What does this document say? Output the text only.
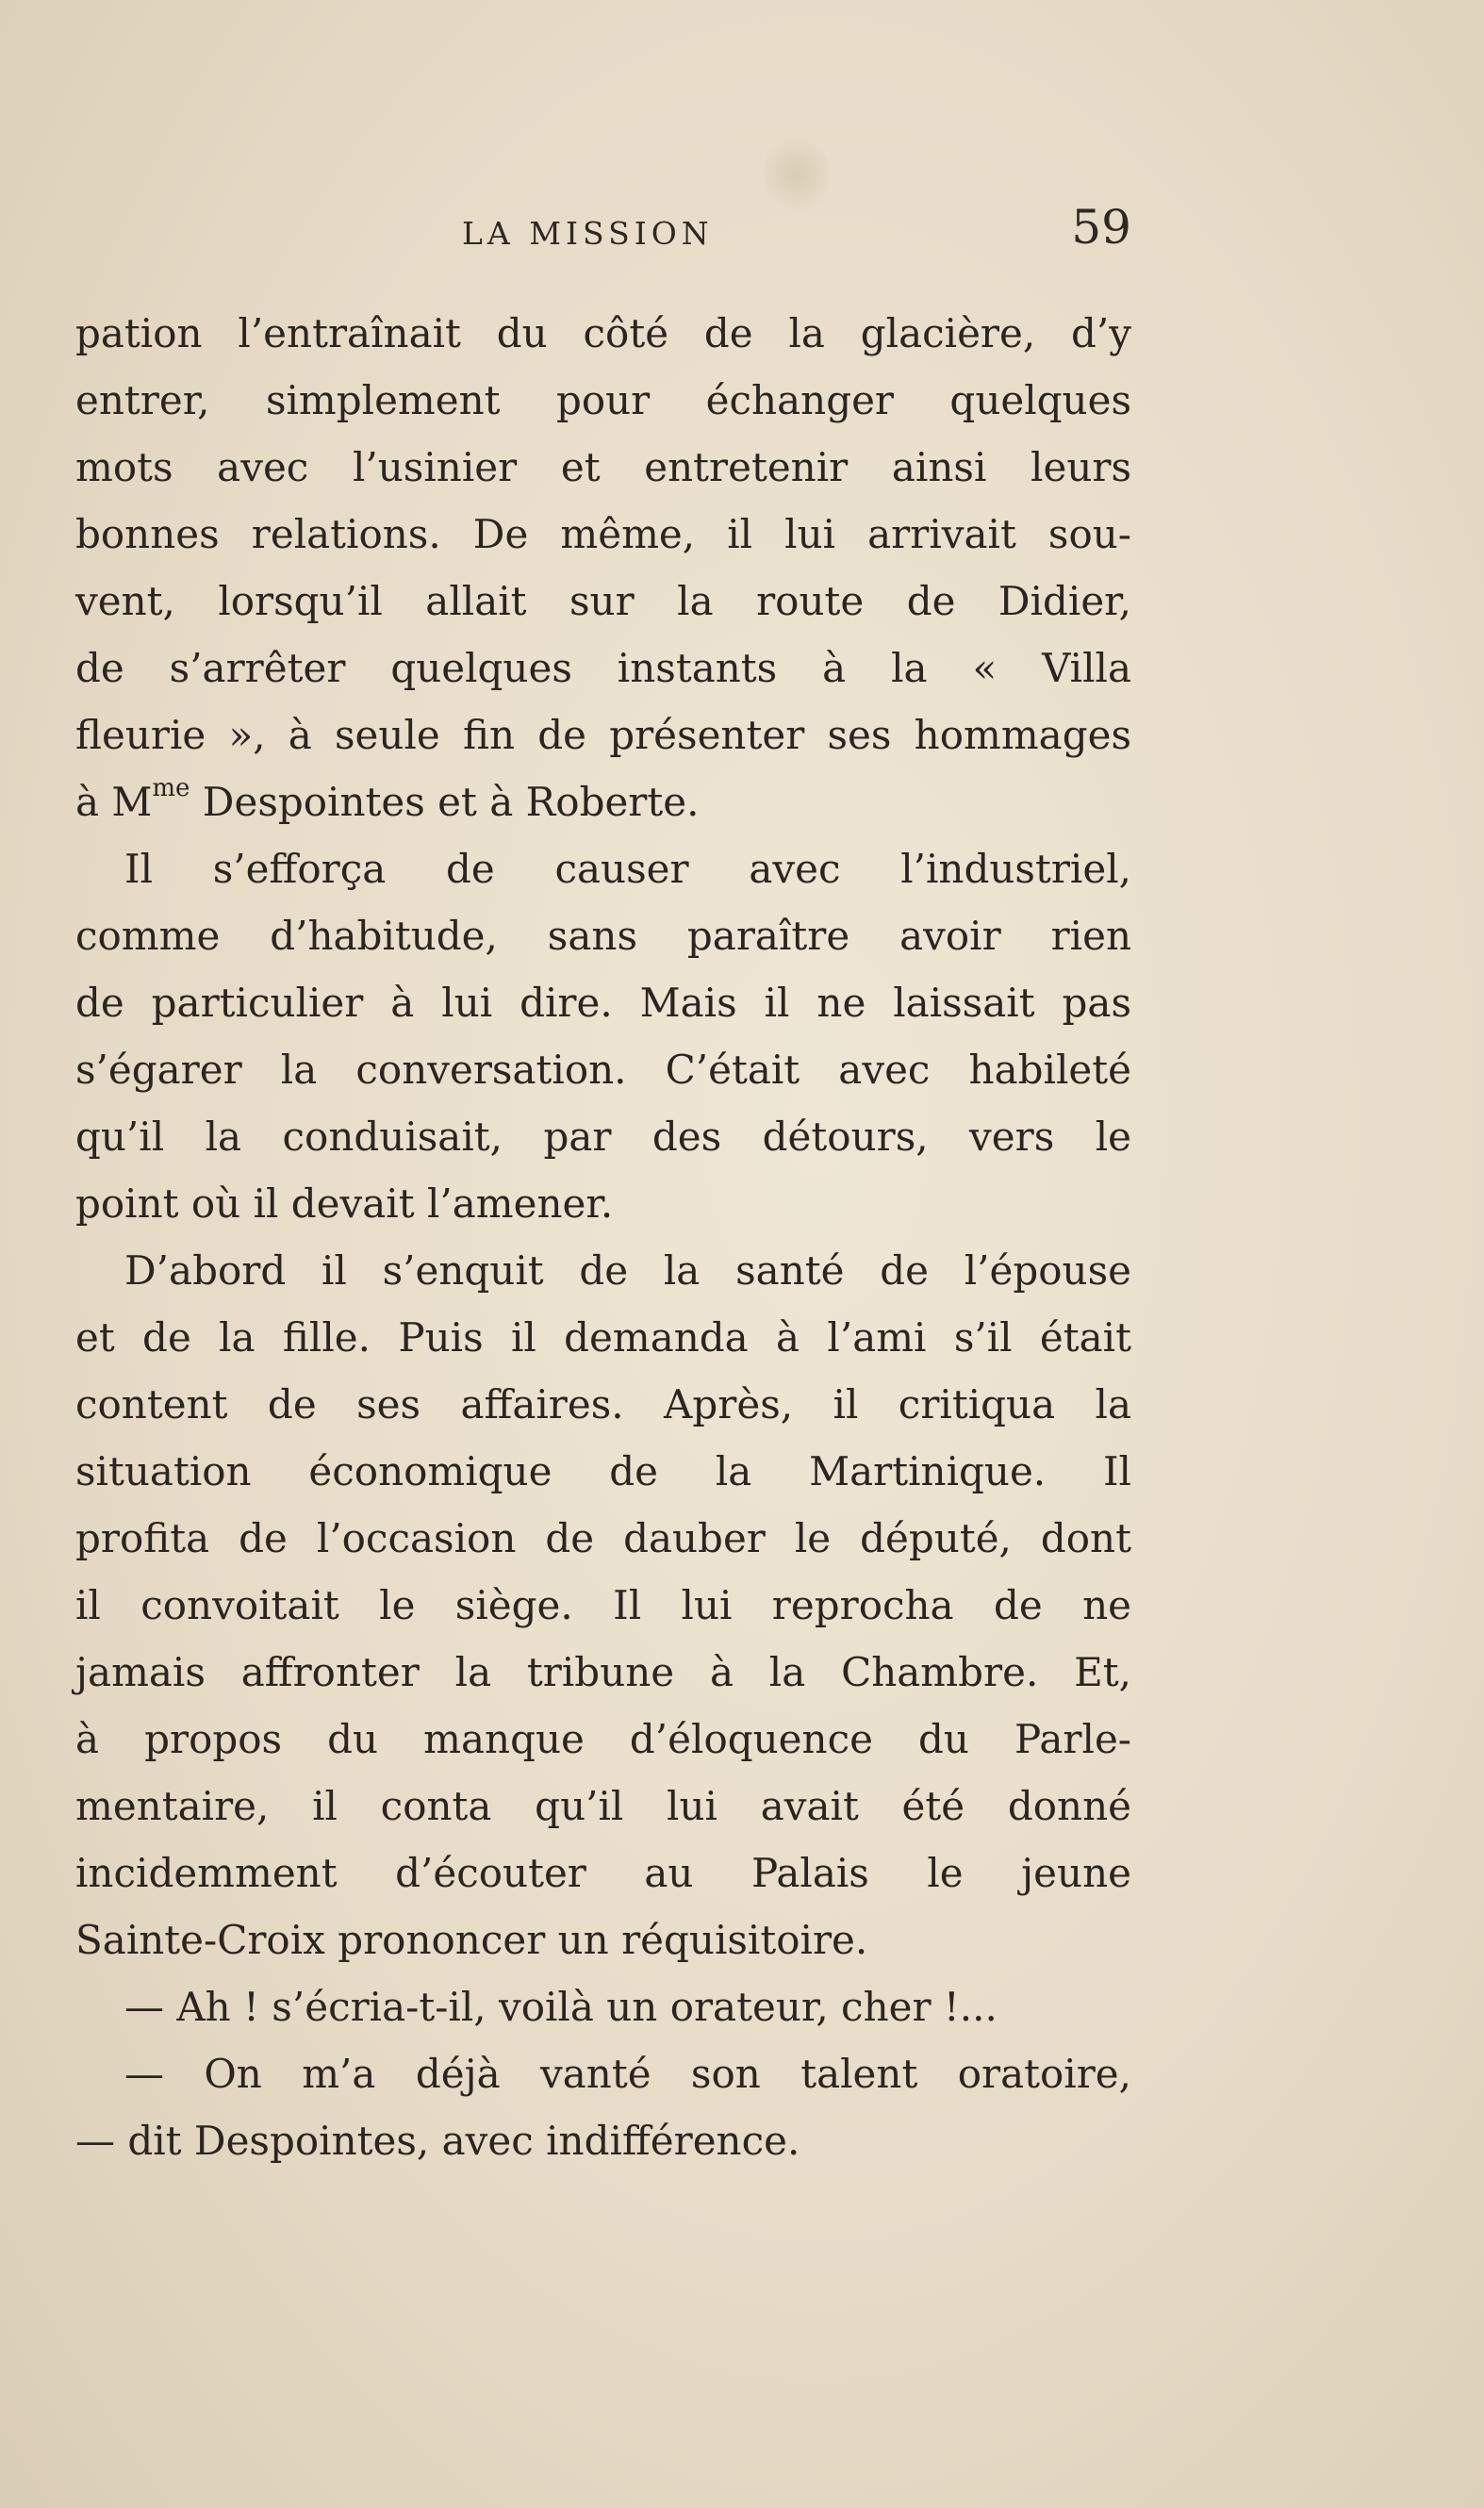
LA MISSION	59
pation l’entraînait du côté de la glacière, d’y
entrer, simplement pour échanger quelques
mots avec l’usinier et entretenir ainsi leurs
bonnes relations. De même, il lui arrivait sou-
vent, lorsqu’il allait sur la route de Didier,
de s’arrêter quelques instants à la « Villa
fleurie », à seule fin de présenter ses hommages
à $M^{me}$ Despointes et à Roberte.
Il s’efforça de causer avec l’industriel,
comme d’habitude, sans paraître avoir rien
de particulier à lui dire. Mais il ne laissait pas
s’égarer la conversation. C’était avec habileté
qu’il la conduisait, par des détours, vers le
point où il devait l’amener.
D’abord il s’enquit de la santé de l’épouse
et de la fille. Puis il demanda à l’ami s’il était
content de ses affaires. Après, il critiqua la
situation économique de la Martinique. Il
profita de l’occasion de dauber le député, dont
il convoitait le siège. Il lui reprocha de ne
jamais affronter la tribune à la Chambre. Et,
à propos du manque d’éloquence du Parle-
mentaire, il conta qu’il lui avait été donné
incidemment d’écouter au Palais le jeune
Sainte-Croix prononcer un réquisitoire.
— Ah ! s’écria-t-il, voilà un orateur, cher !...
— On m’a déjà vanté son talent oratoire,
— dit Despointes, avec indifférence.
